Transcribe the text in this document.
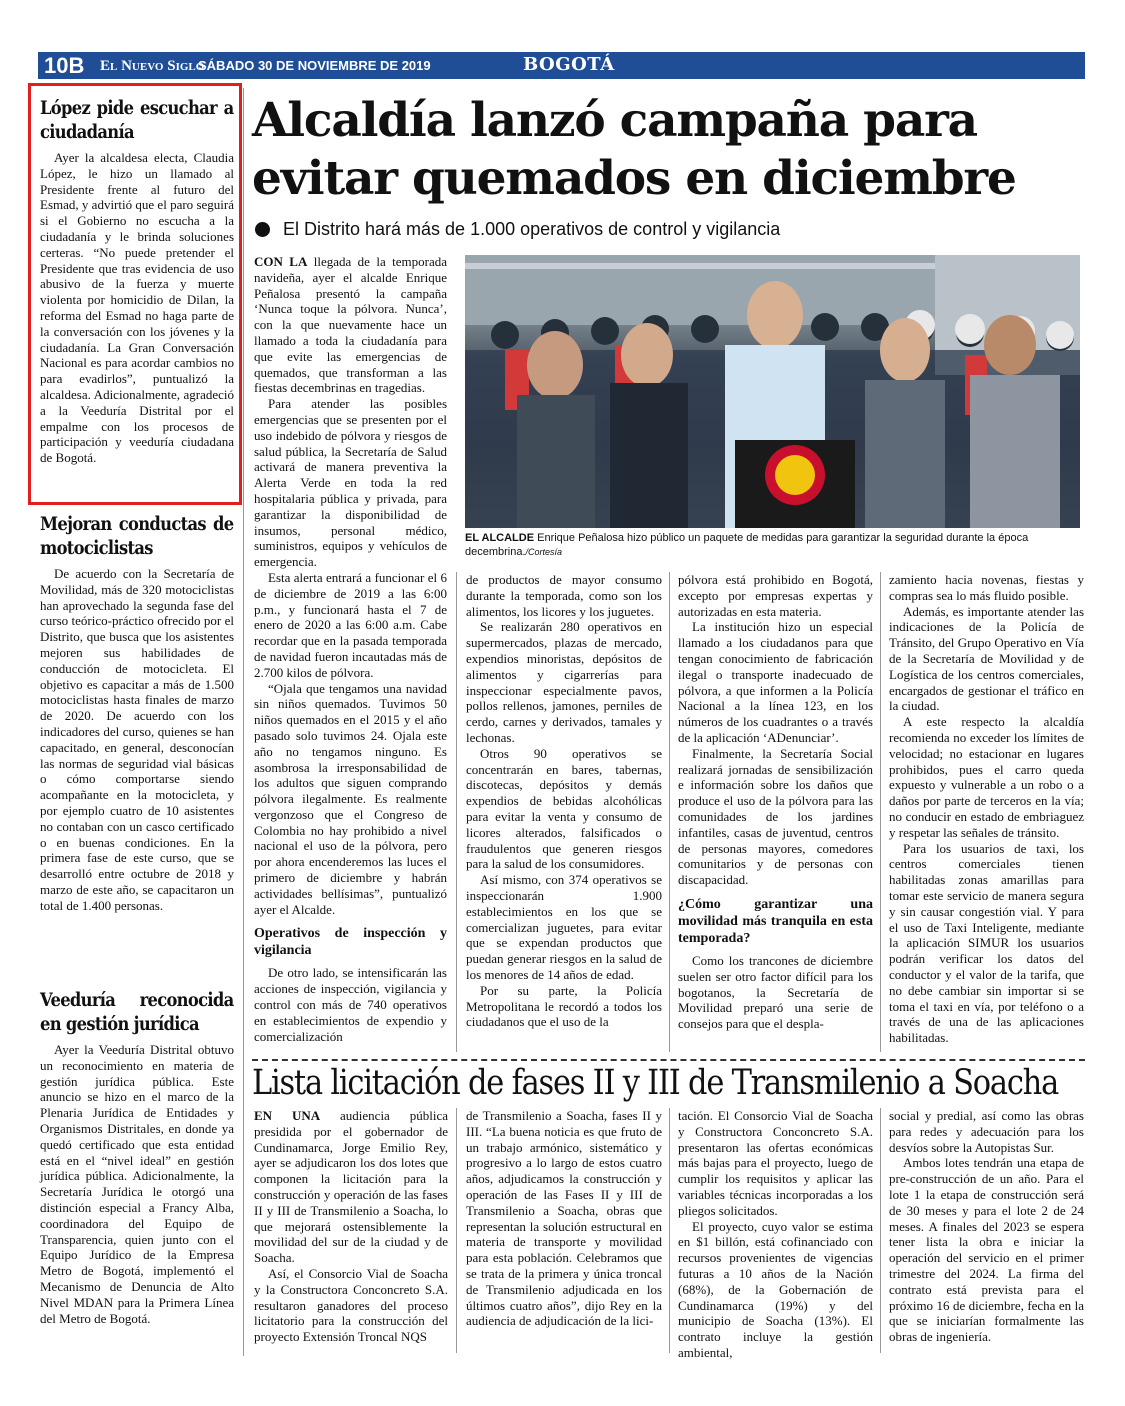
10B El Nuevo Siglo
SÁBADO 30 DE NOVIEMBRE DE 2019	BOGOTÁ
López pide escuchar a ciudadanía

Ayer la alcaldesa electa, Claudia López, le hizo un llamado al Presidente frente al futuro del Esmad, y advirtió que el paro seguirá si el Gobierno no escucha a la ciudadanía y le brinda soluciones certeras. “No puede pretender el Presidente que tras evidencia de uso abusivo de la fuerza y muerte violenta por homicidio de Dilan, la reforma del Esmad no haga parte de la conversación con los jóvenes y la ciudadanía. La Gran Conversación Nacional es para acordar cambios no para evadirlos”, puntualizó la alcaldesa. Adicionalmente, agradeció a la Veeduría Distrital por el empalme con los procesos de participación y veeduría ciudadana de Bogotá.

Mejoran conductas de motociclistas

De acuerdo con la Secretaría de Movilidad, más de 320 motociclistas han aprovechado la segunda fase del curso teórico-práctico ofrecido por el Distrito, que busca que los asistentes mejoren sus habilidades de conducción de motocicleta. El objetivo es capacitar a más de 1.500 motociclistas hasta finales de marzo de 2020. De acuerdo con los indicadores del curso, quienes se han capacitado, en general, desconocían las normas de seguridad vial básicas o cómo comportarse siendo acompañante en la motocicleta, y por ejemplo cuatro de 10 asistentes no contaban con un casco certificado o en buenas condiciones. En la primera fase de este curso, que se desarrolló entre octubre de 2018 y marzo de este año, se capacitaron un total de 1.400 personas.

Veeduría reconocida en gestión jurídica

Ayer la Veeduría Distrital obtuvo un reconocimiento en materia de gestión jurídica pública. Este anuncio se hizo en el marco de la Plenaria Jurídica de Entidades y Organismos Distritales, en donde ya quedó certificado que esta entidad está en el “nivel ideal” en gestión jurídica pública. Adicionalmente, la Secretaría Jurídica le otorgó una distinción especial a Francy Alba, coordinadora del Equipo de Transparencia, quien junto con el Equipo Jurídico de la Empresa Metro de Bogotá, implementó el Mecanismo de Denuncia de Alto Nivel MDAN para la Primera Línea del Metro de Bogotá.

Alcaldía lanzó campaña para evitar quemados en diciembre
El Distrito hará más de 1.000 operativos de control y vigilancia

CON LA llegada de la temporada navideña, ayer el alcalde Enrique Peñalosa presentó la campaña ‘Nunca toque la pólvora. Nunca’, con la que nuevamente hace un llamado a toda la ciudadanía para que evite las emergencias de quemados, que transforman a las fiestas decembrinas en tragedias.

Para atender las posibles emergencias que se presenten por el uso indebido de pólvora y riesgos de salud pública, la Secretaría de Salud activará de manera preventiva la Alerta Verde en toda la red hospitalaria pública y privada, para garantizar la disponibilidad de insumos, personal médico, suministros, equipos y vehículos de emergencia.

Esta alerta entrará a funcionar el 6 de diciembre de 2019 a las 6:00 p.m., y funcionará hasta el 7 de enero de 2020 a las 6:00 a.m. Cabe recordar que en la pasada temporada de navidad fueron incautadas más de 2.700 kilos de pólvora.

“Ojala que tengamos una navidad sin niños quemados. Tuvimos 50 niños quemados en el 2015 y el año pasado solo tuvimos 24. Ojala este año no tengamos ninguno. Es asombrosa la irresponsabilidad de los adultos que siguen comprando pólvora ilegalmente. Es realmente vergonzoso que el Congreso de Colombia no hay prohibido a nivel nacional el uso de la pólvora, pero por ahora encenderemos las luces el primero de diciembre y habrán actividades bellísimas”, puntualizó ayer el Alcalde.

Operativos de inspección y vigilancia

De otro lado, se intensificarán las acciones de inspección, vigilancia y control con más de 740 operativos en establecimientos de expendio y comercialización

EL ALCALDE Enrique Peñalosa hizo público un paquete de medidas para garantizar la seguridad durante la época decembrina./Cortesía

de productos de mayor consumo durante la temporada, como son los alimentos, los licores y los juguetes.

Se realizarán 280 operativos en supermercados, plazas de mercado, expendios minoristas, depósitos de alimentos y cigarrerías para inspeccionar especialmente pavos, pollos rellenos, jamones, perniles de cerdo, carnes y derivados, tamales y lechonas.

Otros 90 operativos se concentrarán en bares, tabernas, discotecas, depósitos y demás expendios de bebidas alcohólicas para evitar la venta y consumo de licores alterados, falsificados o fraudulentos que generen riesgos para la salud de los consumidores.

Así mismo, con 374 operativos se inspeccionarán 1.900 establecimientos en los que se comercializan juguetes, para evitar que se expendan productos que puedan generar riesgos en la salud de los menores de 14 años de edad.

Por su parte, la Policía Metropolitana le recordó a todos los ciudadanos que el uso de la

pólvora está prohibido en Bogotá, excepto por empresas expertas y autorizadas en esta materia.

La institución hizo un especial llamado a los ciudadanos para que tengan conocimiento de fabricación ilegal o transporte inadecuado de pólvora, a que informen a la Policía Nacional a la línea 123, en los números de los cuadrantes o a través de la aplicación ‘ADenunciar’.

Finalmente, la Secretaría Social realizará jornadas de sensibilización e información sobre los daños que produce el uso de la pólvora para las comunidades de los jardines infantiles, casas de juventud, centros de personas mayores, comedores comunitarios y de personas con discapacidad.

¿Cómo garantizar una movilidad más tranquila en esta temporada?

Como los trancones de diciembre suelen ser otro factor difícil para los bogotanos, la Secretaría de Movilidad preparó una serie de consejos para que el despla-

zamiento hacia novenas, fiestas y compras sea lo más fluido posible.

Además, es importante atender las indicaciones de la Policía de Tránsito, del Grupo Operativo en Vía de la Secretaría de Movilidad y de Logística de los centros comerciales, encargados de gestionar el tráfico en la ciudad.

A este respecto la alcaldía recomienda no exceder los límites de velocidad; no estacionar en lugares prohibidos, pues el carro queda expuesto y vulnerable a un robo o a daños por parte de terceros en la vía; no conducir en estado de embriaguez y respetar las señales de tránsito.

Para los usuarios de taxi, los centros comerciales tienen habilitadas zonas amarillas para tomar este servicio de manera segura y sin causar congestión vial. Y para el uso de Taxi Inteligente, mediante la aplicación SIMUR los usuarios podrán verificar los datos del conductor y el valor de la tarifa, que no debe cambiar sin importar si se toma el taxi en vía, por teléfono o a través de una de las aplicaciones habilitadas.

Lista licitación de fases II y III de Transmilenio a Soacha

EN UNA audiencia pública presidida por el gobernador de Cundinamarca, Jorge Emilio Rey, ayer se adjudicaron los dos lotes que componen la licitación para la construcción y operación de las fases II y III de Transmilenio a Soacha, lo que mejorará ostensiblemente la movilidad del sur de la ciudad y de Soacha.

Así, el Consorcio Vial de Soacha y la Constructora Conconcreto S.A. resultaron ganadores del proceso licitatorio para la construcción del proyecto Extensión Troncal NQS

de Transmilenio a Soacha, fases II y III. “La buena noticia es que fruto de un trabajo armónico, sistemático y progresivo a lo largo de estos cuatro años, adjudicamos la construcción y operación de las Fases II y III de Transmilenio a Soacha, obras que representan la solución estructural en materia de transporte y movilidad para esta población. Celebramos que se trata de la primera y única troncal de Transmilenio adjudicada en los últimos cuatro años”, dijo Rey en la audiencia de adjudicación de la lici-

tación. El Consorcio Vial de Soacha y Constructora Conconcreto S.A. presentaron las ofertas económicas más bajas para el proyecto, luego de cumplir los requisitos y aplicar las variables técnicas incorporadas a los pliegos solicitados.

El proyecto, cuyo valor se estima en $1 billón, está cofinanciado con recursos provenientes de vigencias futuras a 10 años de la Nación (68%), de la Gobernación de Cundinamarca (19%) y del municipio de Soacha (13%). El contrato incluye la gestión ambiental,

social y predial, así como las obras para redes y adecuación para los desvíos sobre la Autopistas Sur.

Ambos lotes tendrán una etapa de pre-construcción de un año. Para el lote 1 la etapa de construcción será de 30 meses y para el lote 2 de 24 meses. A finales del 2023 se espera tener lista la obra e iniciar la operación del servicio en el primer trimestre del 2024. La firma del contrato está prevista para el próximo 16 de diciembre, fecha en la que se iniciarían formalmente las obras de ingeniería.
